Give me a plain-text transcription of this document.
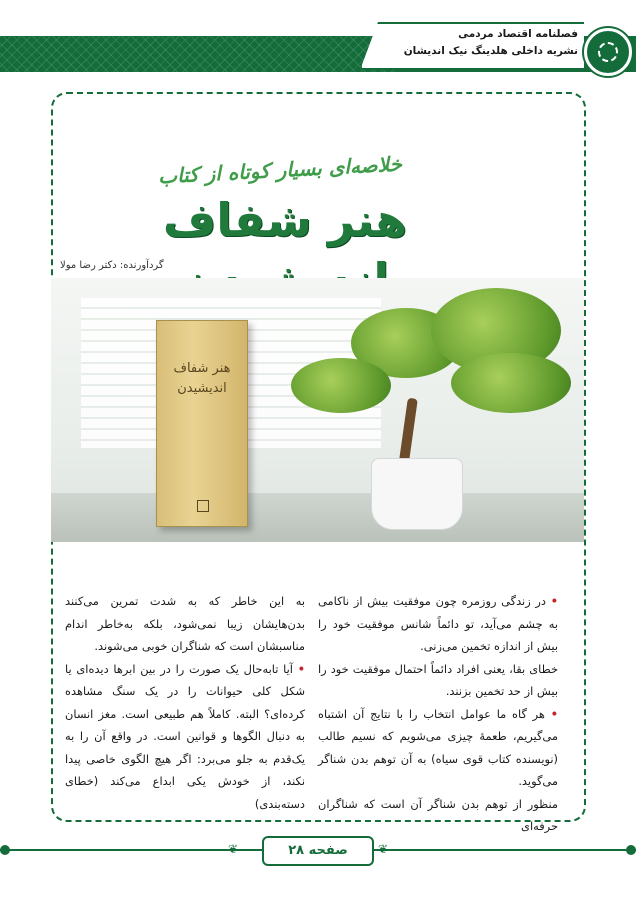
فصلنامه اقتصاد مردمی
نشریه داخلی هلدینگ نیک اندیشان
خلاصه‌ای بسیار کوتاه از کتاب
هنر شفاف
گردآورنده: دکتر رضا مولا
هنر شفاف
اندیشیدن

• در زندگی روزمره چون موفقیت بیش از ناکامی به چشم می‌آید، تو دائماً شانس موفقیت خود را بیش از اندازه تخمین می‌زنی.

خطای بقا، یعنی افراد دائماً احتمال موفقیت خود را بیش از حد تخمین بزنند.

• هر گاه ما عوامل انتخاب را با نتایج آن اشتباه می‌گیریم، طعمهٔ چیزی می‌شویم که نسیم طالب (نویسنده کتاب قوی سیاه) به آن توهم بدن شناگر می‌گوید.

منظور از توهم بدن شناگر آن است که شناگران حرفه‌ای

به این خاطر که به شدت تمرین می‌کنند بدن‌هایشان زیبا نمی‌شود، بلکه به‌خاطر اندام مناسبشان است که شناگران خوبی می‌شوند.

• آیا تابه‌حال یک صورت را در بین ابرها دیده‌ای یا شکل کلی حیوانات را در یک سنگ مشاهده کرده‌ای؟ البته. کاملاً هم طبیعی است. مغز انسان به دنبال الگوها و قوانین است. در واقع آن را به یک‌قدم به جلو می‌برد: اگر هیچ الگوی خاصی پیدا نکند، از خودش یکی ابداع می‌کند (خطای دسته‌بندی)

❦	❦
صفحه ۲۸
